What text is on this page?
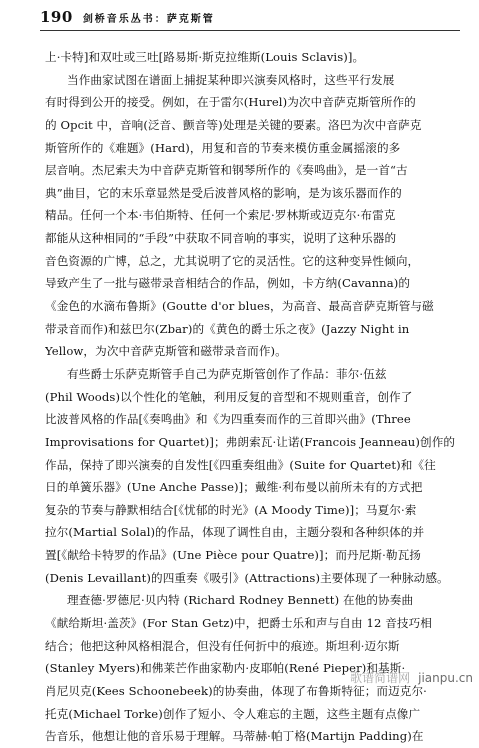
190 剑桥音乐丛书：萨克斯管
上·卡特]和双吐或三吐[路易斯·斯克拉维斯(Louis Sclavis)]。
当作曲家试图在谱面上捕捉某种即兴演奏风格时，这些平行发展
有时得到公开的接受。例如，在于雷尔(Hurel)为次中音萨克斯管所作的
的 Opcit 中，音响(泛音、颤音等)处理是关键的要素。洛巴为次中音萨克
斯管所作的《难题》(Hard)，用复和音的节奏来模仿重金属摇滚的多
层音响。杰尼索夫为中音萨克斯管和钢琴所作的《奏鸣曲》，是一首“古
典”曲目，它的末乐章显然是受后波普风格的影响，是为该乐器而作的
精品。任何一个本·韦伯斯特、任何一个索尼·罗林斯或迈克尔·布雷克
都能从这种相同的“手段”中获取不同音响的事实，说明了这种乐器的
音色资源的广博，总之，尤其说明了它的灵活性。它的这种变异性倾向，
导致产生了一批与磁带录音相结合的作品，例如，卡方纳(Cavanna)的
《金色的水滴布鲁斯》(Goutte d'or blues，为高音、最高音萨克斯管与磁
带录音而作)和兹巴尔(Zbar)的《黄色的爵士乐之夜》(Jazzy Night in
Yellow，为次中音萨克斯管和磁带录音而作)。
有些爵士乐萨克斯管手自己为萨克斯管创作了作品：菲尔·伍兹
(Phil Woods)以个性化的笔触，利用反复的音型和不规则重音，创作了
比波普风格的作品[《奏鸣曲》和《为四重奏而作的三首即兴曲》(Three
Improvisations for Quartet)]；弗朗索瓦·让诺(Francois Jeanneau)创作的
作品，保持了即兴演奏的自发性[《四重奏组曲》(Suite for Quartet)和《往
日的单簧乐器》(Une Anche Passe)]；戴维·利布曼以前所未有的方式把
复杂的节奏与静默相结合[《忧郁的时光》(A Moody Time)]；马夏尔·索
拉尔(Martial Solal)的作品，体现了调性自由，主题分裂和各种织体的并
置[《献给卡特罗的作品》(Une Pièce pour Quatre)]；而丹尼斯·勒瓦扬
(Denis Levaillant)的四重奏《吸引》(Attractions)主要体现了一种脉动感。
理查德·罗德尼·贝内特 (Richard Rodney Bennett) 在他的协奏曲
《献给斯坦·盖茨》(For Stan Getz)中，把爵士乐和声与自由 12 音技巧相
结合；他把这种风格相混合，但没有任何折中的痕迹。斯坦利·迈尔斯
(Stanley Myers)和佛莱芒作曲家勒内·皮耶帕(René Pieper)和基斯·
肖尼贝克(Kees Schoonebeek)的协奏曲，体现了布鲁斯特征；而迈克尔·
托克(Michael Torke)创作了短小、令人难忘的主题，这些主题有点像广
告音乐，他想让他的音乐易于理解。马蒂赫·帕丁格(Martijn Padding)在
歌谱简谱网 jianpu.cn
